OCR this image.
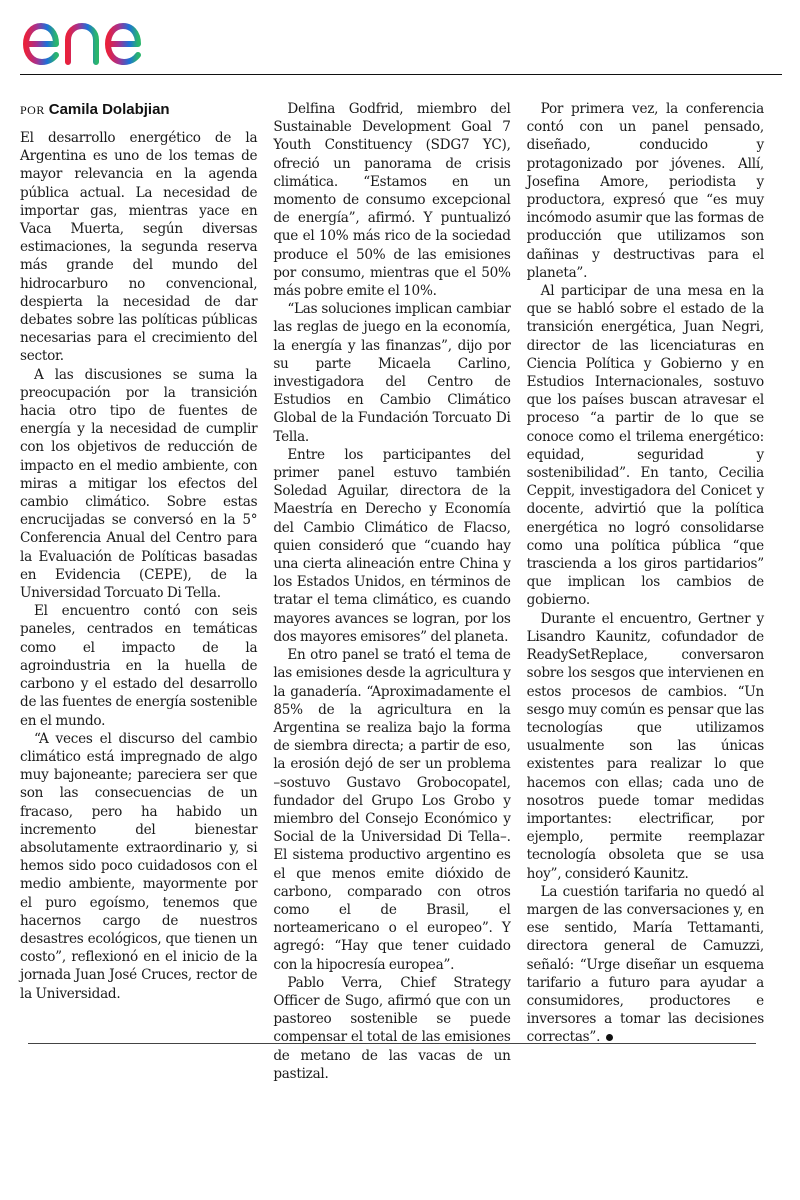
POR Camila Dolabjian

El desarrollo energético de la Argentina es uno de los temas de mayor relevancia en la agenda pública actual. La necesidad de importar gas, mientras yace en Vaca Muerta, según diversas estimaciones, la segunda reserva más grande del mundo del hidrocarburo no convencional, despierta la necesidad de dar debates sobre las políticas públicas necesarias para el crecimiento del sector.

A las discusiones se suma la preocupación por la transición hacia otro tipo de fuentes de energía y la necesidad de cumplir con los objetivos de reducción de impacto en el medio ambiente, con miras a mitigar los efectos del cambio climático. Sobre estas encrucijadas se conversó en la 5° Conferencia Anual del Centro para la Evaluación de Políticas basadas en Evidencia (CEPE), de la Universidad Torcuato Di Tella.

El encuentro contó con seis paneles, centrados en temáticas como el impacto de la agroindustria en la huella de carbono y el estado del desarrollo de las fuentes de energía sostenible en el mundo.

“A veces el discurso del cambio climático está impregnado de algo muy bajoneante; pareciera ser que son las consecuencias de un fracaso, pero ha habido un incremento del bienestar absolutamente extraordinario y, si hemos sido poco cuidadosos con el medio ambiente, mayormente por el puro egoísmo, tenemos que hacernos cargo de nuestros desastres ecológicos, que tienen un costo”, reflexionó en el inicio de la jornada Juan José Cruces, rector de la Universidad.

Delfina Godfrid, miembro del Sustainable Development Goal 7 Youth Constituency (SDG7 YC), ofreció un panorama de crisis climática. “Estamos en un momento de consumo excepcional de energía”, afirmó. Y puntualizó que el 10% más rico de la sociedad produce el 50% de las emisiones por consumo, mientras que el 50% más pobre emite el 10%.

“Las soluciones implican cambiar las reglas de juego en la economía, la energía y las finanzas”, dijo por su parte Micaela Carlino, investigadora del Centro de Estudios en Cambio Climático Global de la Fundación Torcuato Di Tella.

Entre los participantes del primer panel estuvo también Soledad Aguilar, directora de la Maestría en Derecho y Economía del Cambio Climático de Flacso, quien consideró que “cuando hay una cierta alineación entre China y los Estados Unidos, en términos de tratar el tema climático, es cuando mayores avances se logran, por los dos mayores emisores” del planeta.

En otro panel se trató el tema de las emisiones desde la agricultura y la ganadería. “Aproximadamente el 85% de la agricultura en la Argentina se realiza bajo la forma de siembra directa; a partir de eso, la erosión dejó de ser un problema –sostuvo Gustavo Grobocopatel, fundador del Grupo Los Grobo y miembro del Consejo Económico y Social de la Universidad Di Tella–. El sistema productivo argentino es el que menos emite dióxido de carbono, comparado con otros como el de Brasil, el norteamericano o el europeo”. Y agregó: “Hay que tener cuidado con la hipocresía europea”.

Pablo Verra, Chief Strategy Officer de Sugo, afirmó que con un pastoreo sostenible se puede compensar el total de las emisiones de metano de las vacas de un pastizal.

Por primera vez, la conferencia contó con un panel pensado, diseñado, conducido y protagonizado por jóvenes. Allí, Josefina Amore, periodista y productora, expresó que “es muy incómodo asumir que las formas de producción que utilizamos son dañinas y destructivas para el planeta”.

Al participar de una mesa en la que se habló sobre el estado de la transición energética, Juan Negri, director de las licenciaturas en Ciencia Política y Gobierno y en Estudios Internacionales, sostuvo que los países buscan atravesar el proceso “a partir de lo que se conoce como el trilema energético: equidad, seguridad y sostenibilidad”. En tanto, Cecilia Ceppit, investigadora del Conicet y docente, advirtió que la política energética no logró consolidarse como una política pública “que trascienda a los giros partidarios” que implican los cambios de gobierno.

Durante el encuentro, Gertner y Lisandro Kaunitz, cofundador de ReadySetReplace, conversaron sobre los sesgos que intervienen en estos procesos de cambios. “Un sesgo muy común es pensar que las tecnologías que utilizamos usualmente son las únicas existentes para realizar lo que hacemos con ellas; cada uno de nosotros puede tomar medidas importantes: electrificar, por ejemplo, permite reemplazar tecnología obsoleta que se usa hoy”, consideró Kaunitz.

La cuestión tarifaria no quedó al margen de las conversaciones y, en ese sentido, María Tettamanti, directora general de Camuzzi, señaló: “Urge diseñar un esquema tarifario a futuro para ayudar a consumidores, productores e inversores a tomar las decisiones correctas”.
